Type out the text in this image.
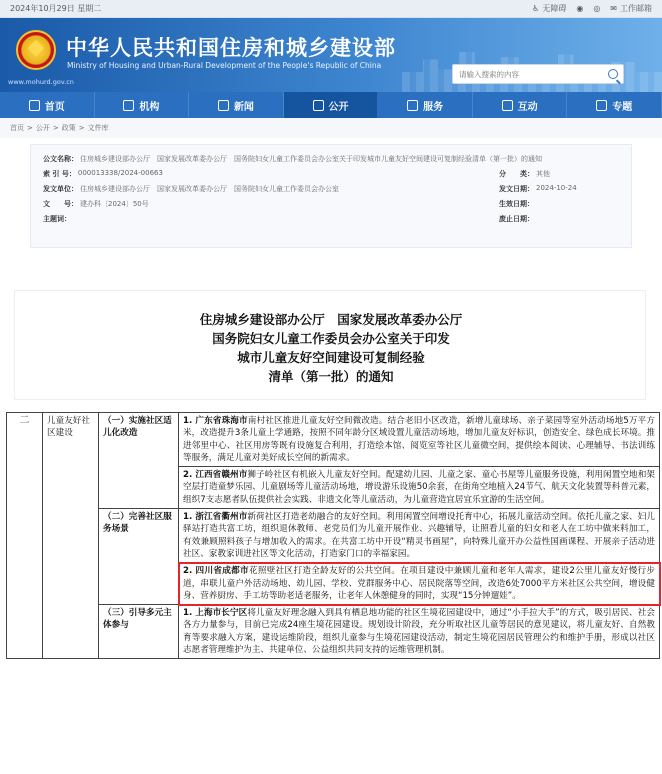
2024年10月29日 星期二	♿ 无障碍 ◉ ◎ ✉ 工作邮箱
中华人民共和国住房和城乡建设部
Ministry of Housing and Urban-Rural Development of the People's Republic of China
www.mohurd.gov.cn
请输入搜索的内容
首页	机构	新闻	公开	服务	互动	专题
首页 > 公开 > 政策 > 文件库
公文名称： 住房城乡建设部办公厅　国家发展改革委办公厅　国务院妇女儿童工作委员会办公室关于印发城市儿童友好空间建设可复制经验清单（第一批）的通知
索 引 号： 000013338/2024-00663	分　　类： 其他
发文单位： 住房城乡建设部办公厅　国家发展改革委办公厅　国务院妇女儿童工作委员会办公室	发文日期： 2024-10-24
文　　号： 建办科〔2024〕50号	生效日期：
主题词：	废止日期：
住房城乡建设部办公厅　国家发展改革委办公厅
国务院妇女儿童工作委员会办公室关于印发
城市儿童友好空间建设可复制经验
清单（第一批）的通知
二	儿童友好社区建设	（一）实施社区适儿化改造	1. 广东省珠海市南村社区推进儿童友好空间微改造。结合老旧小区改造，新增儿童球场、亲子菜园等室外活动场地5万平方米，改造提升3条儿童上学通路，按照不同年龄分区域设置儿童活动场地，增加儿童友好标识，创造安全、绿色成长环境。推进邻里中心、社区用房等既有设施复合利用，打造绘本馆、阅览室等社区儿童微空间，提供绘本阅读、心理辅导、书法训练等服务，满足儿童对美好成长空间的新需求。
			2. 江西省赣州市狮子岭社区有机嵌入儿童友好空间。配建幼儿园、儿童之家、童心书屋等儿童服务设施，利用闲置空地和架空层打造童梦乐园、儿童剧场等儿童活动场地，增设游乐设施50余套，在街角空地植入24节气、航天文化装置等科普元素，组织7支志愿者队伍提供社会实践、非遗文化等儿童活动，为儿童营造宜居宜乐宜游的生活空间。
		（二）完善社区服务场景	1. 浙江省衢州市新荷社区打造老幼融合的友好空间。利用闲置空间增设托育中心，拓展儿童活动空间。依托儿童之家、妇儿驿站打造共富工坊，组织退休教师、老党员们为儿童开展作业、兴趣辅导，让照看儿童的妇女和老人在工坊中做来料加工，有效兼顾照料孩子与增加收入的需求。在共富工坊中开设“精灵书画屋”，向特殊儿童开办公益性国画课程、开展亲子活动进社区、家教家训进社区等文化活动，打造家门口的幸福家园。
			2. 四川省成都市花照壁社区打造全龄友好的公共空间。在项目建设中兼顾儿童和老年人需求，建设2公里儿童友好慢行步道，串联儿童户外活动场地、幼儿园、学校、党群服务中心、居民院落等空间，改造6处7000平方米社区公共空间，增设健身、营养厨房、手工坊等助老适老服务，让老年人休憩健身的同时，实现“15分钟遛娃”。
		（三）引导多元主体参与	1. 上海市长宁区将儿童友好理念融入到具有栖息地功能的社区生境花园建设中，通过“小手拉大手”的方式，吸引居民、社会各方力量参与，目前已完成24座生境花园建设。规划设计阶段，充分听取社区儿童等居民的意见建议，将儿童友好、自然教育等要求融入方案，建设运维阶段，组织儿童参与生境花园建设活动，制定生境花园居民管理公约和维护手册，形成以社区志愿者管理维护为主、共建单位、公益组织共同支持的运维管理机制。
